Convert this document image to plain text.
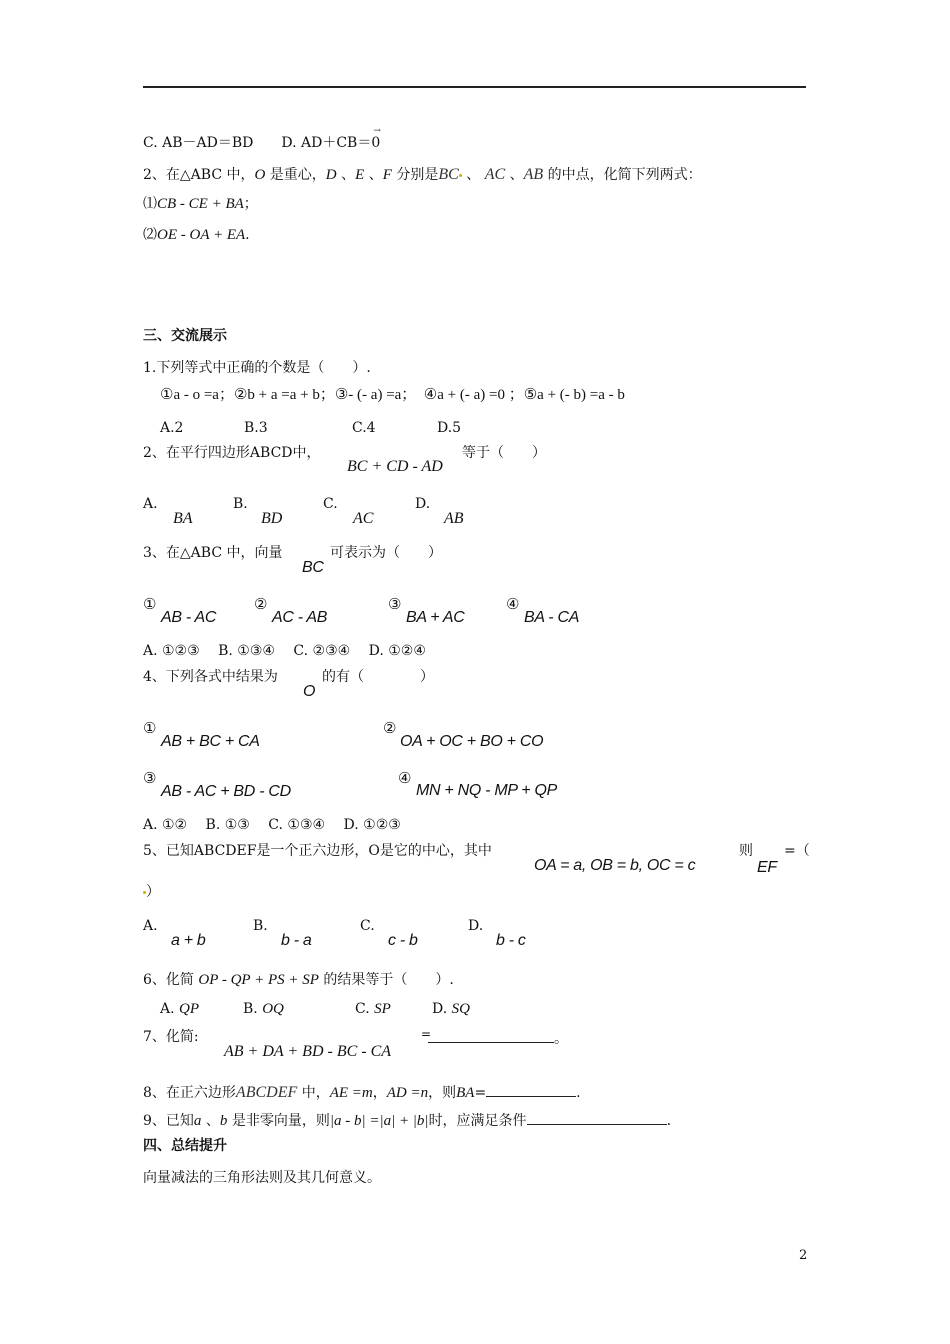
C. AB－AD＝BD　　D. AD＋CB＝
→
0
2、在△ABC 中，O 是重心，D 、E 、F 分别是BC 、 AC 、AB 的中点，化简下列两式：
⑴CB - CE + BA；
⑵OE - OA + EA.
三、交流展示
1.下列等式中正确的个数是（　　）.
①a - o =a；②b + a =a + b；③- (- a) =a；　④a + (- a) =0 ；⑤a + (- b) =a - b
A.2	B.3	C.4	D.5
2、在平行四边形ABCD中，
BC + CD - AD
等于（　　）
A.	B.	C.	D.
BA	BD	AC	AB
3、在△ABC 中，向量
BC
可表示为（　　）
①
AB - AC
②
AC - AB
③
BA + AC
④
BA - CA
A. ①②③　 B. ①③④　 C. ②③④　 D. ①②④
4、下列各式中结果为
O
的有（　　　　）
①
AB + BC + CA
②
OA + OC + BO + CO
③
AB - AC + BD - CD
④
MN + NQ - MP + QP
A. ①②　 B. ①③　 C. ①③④　 D. ①②③
5、已知ABCDEF是一个正六边形，O是它的中心，其中
OA = a, OB = b, OC = c
则
EF
=（
）
A.	B.	C.	D.
a + b	b - a	c - b	b - c
6、化简 OP - QP + PS + SP 的结果等于（　　）.
A. QP	B. OQ	C. SP	D. SQ
7、化简:
AB + DA + BD - BC - CA
=	。
8、在正六边形ABCDEF 中，AE =m，AD =n，则BA=	.
9、已知a 、b 是非零向量，则|a - b| =|a| + |b|时，应满足条件	.
四、总结提升
向量减法的三角形法则及其几何意义。
2
